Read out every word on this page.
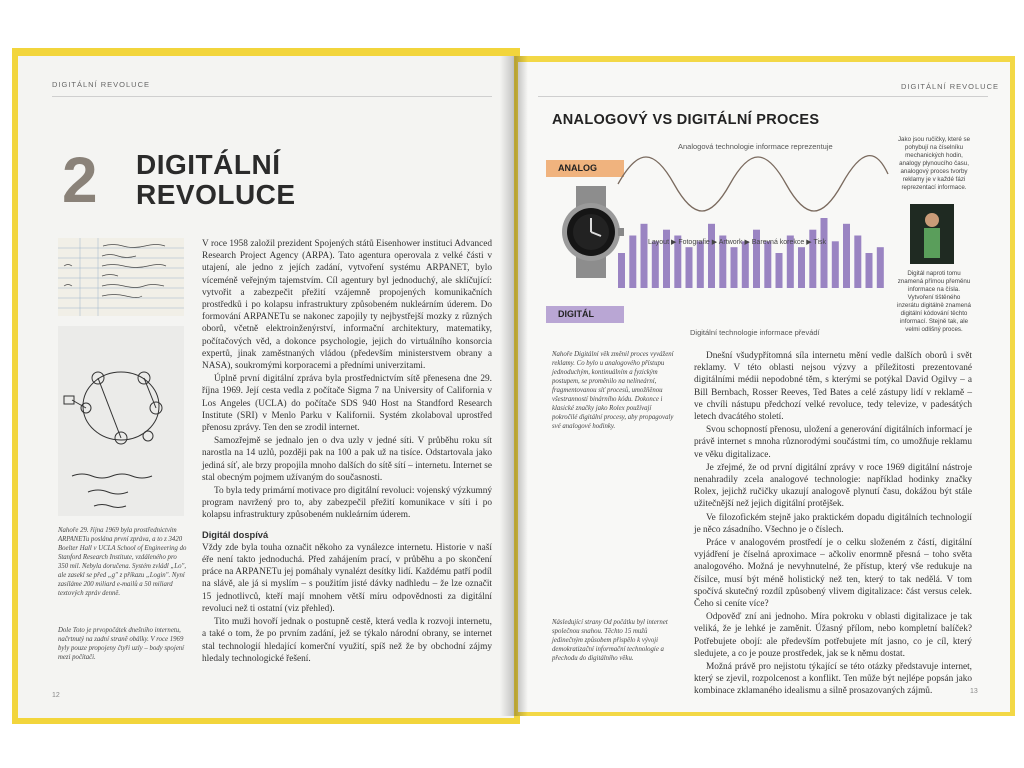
DIGITÁLNÍ REVOLUCE
2 DIGITÁLNÍ
REVOLUCE

V roce 1958 založil prezident Spojených států Eisenhower instituci Advanced Research Project Agency (ARPA). Tato agentura operovala z velké části v utajení, ale jedno z jejích zadání, vytvoření systému ARPANET, bylo víceméně veřejným tajemstvím. Cíl agentury byl jednoduchý, ale sklíčující: vytvořit a zabezpečit přežití vzájemně propojených komunikačních prostředků i po kolapsu infrastruktury způsobeném nukleárním úderem. Do formování ARPANETu se nakonec zapojily ty nejbystřejší mozky z různých oborů, včetně elektroinženýrství, informační architektury, matematiky, počítačových věd, a dokonce psychologie, jejich do virtuálního konsorcia expertů, jinak zaměstnaných vládou (především ministerstvem obrany a NASA), soukromými korporacemi a předními univerzitami.

Úplně první digitální zpráva byla prostřednictvím sítě přenesena dne 29. října 1969. Její cesta vedla z počítače Sigma 7 na University of California v Los Angeles (UCLA) do počítače SDS 940 Host na Standford Research Institute (SRI) v Menlo Parku v Kalifornii. Systém zkolaboval uprostřed přenosu zprávy. Ten den se zrodil internet.

Samozřejmě se jednalo jen o dva uzly v jedné síti. V průběhu roku sít narostla na 14 uzlů, později pak na 100 a pak už na tisíce. Odstartovala jako jediná síť, ale brzy propojila mnoho dalších do sítě sítí – internetu. Internet se stal obecným pojmem užívaným do současnosti.

To byla tedy primární motivace pro digitální revoluci: vojenský výzkumný program navržený pro to, aby zabezpečil přežití komunikace v síti i po kolapsu infrastruktury způsobeném nukleárním úderem.

Digitál dospívá

Vždy zde byla touha označit někoho za vynálezce internetu. Historie v naší éře není takto jednoduchá. Před zahájením prací, v průběhu a po skončení práce na ARPANETu jej pomáhaly vynalézt desítky lidí. Každému patří podíl na slávě, ale já si myslím – s použitím jisté dávky nadhledu – že lze označit 15 jednotlivců, kteří mají mnohem větší míru odpovědnosti za digitální revoluci než ti ostatní (viz přehled).

Tito muži hovoří jednak o postupně cestě, která vedla k rozvoji internetu, a také o tom, že po prvním zadání, jež se týkalo národní obrany, se internet stal technologií hledající komerční využití, spíš než že by obchodní zájmy hledaly technologické řešení.

Nahoře 29. října 1969 byla prostřednictvím ARPANETu poslána první zpráva, a to z 3420 Boelter Hall v UCLA School of Engineering do Stanford Research Institute, vzdáleného pro 350 mil. Nebyla doručena. Systém zvládl „Lo", ale zasekl se před „g" z příkazu „Login". Nyní zasíláme 200 miliard e-mailů a 50 miliard textových zpráv denně.
Dole Toto je prvopočátek dnešního internetu, načrtnutý na zadní straně obálky. V roce 1969 byly pouze propojeny čtyři uzly – body spojení mezi počítači.
12
DIGITÁLNÍ REVOLUCE
ANALOGOVÝ VS DIGITÁLNÍ PROCES
Analogová technologie informace reprezentuje
ANALOG
Layout ▶ Fotografie ▶ Artwork ▶ Barevná korekce ▶ Tisk
DIGITÁL
Digitální technologie informace převádí
Jako jsou ručičky, které se pohybují na číselníku mechanických hodin, analogy plynoucího času, analogový proces tvorby reklamy je v každé fázi reprezentací informace.
Digitál naproti tomu znamená přímou přeměnu informace na čísla. Vytvoření tištěného inzerátu digitálně znamená digitální kódování těchto informací. Stejně tak, ale velmi odlišný proces.
Nahoře Digitální věk změnil proces vyvážení reklamy. Co bylo u analogového přístupu jednoduchým, kontinuálním a fyzickým postupem, se proměnilo na nelineární, fragmentovanou síť procesů, umožňěnou všestranností binárního kódu. Dokonce i klasické značky jako Rolex používají pokročilé digitální procesy, aby propagovaly své analogové hodinky.
Následující strany Od počátku byl internet společnou snahou. Těchto 15 mužů jedinečným způsobem přispělo k vývoji demokratizační informační technologie a přechodu do digitálního věku.

Dnešní všudypřítomná síla internetu mění vedle dalších oborů i svět reklamy. V této oblasti nejsou výzvy a příležitosti prezentované digitálními médii nepodobné těm, s kterými se potýkal David Ogilvy – a Bill Bernbach, Rosser Reeves, Ted Bates a celé zástupy lidí v reklamě – ve chvíli nástupu předchozí velké revoluce, tedy televize, v padesátých letech dvacátého století.

Svou schopností přenosu, uložení a generování digitálních informací je právě internet s mnoha různorodými součástmi tím, co umožňuje reklamu ve věku digitalizace.

Je zřejmé, že od první digitální zprávy v roce 1969 digitální nástroje nenahradily zcela analogové technologie: například hodinky značky Rolex, jejichž ručičky ukazují analogově plynutí času, dokážou být stále užitečnější než jejich digitální protějšek.

Ve filozofickém stejně jako praktickém dopadu digitálních technologií je něco zásadního. Všechno je o číslech.

Práce v analogovém prostředí je o celku složeném z částí, digitální vyjádření je číselná aproximace – ačkoliv enormně přesná – toho světa analogového. Možná je nevyhnutelné, že přístup, který vše redukuje na čísilce, musí být méně holistický než ten, který to tak nedělá. V tom spočívá skutečný rozdíl způsobený vlivem digitalizace: část versus celek. Čeho si ceníte více?

Odpověď zní ani jednoho. Míra pokroku v oblasti digitalizace je tak veliká, že je lehké je zaměnit. Úžasný přílom, nebo kompletní balíček? Potřebujete obojí: ale především potřebujete mít jasno, co je cíl, který sledujete, a co je pouze prostředek, jak se k němu dostat.

Možná právě pro nejistotu týkající se této otázky představuje internet, který se zjevil, rozpolcenost a konflikt. Ten může být nejlépe popsán jako kombinace zklamaného idealismu a silně prosazovaných zájmů.	13
